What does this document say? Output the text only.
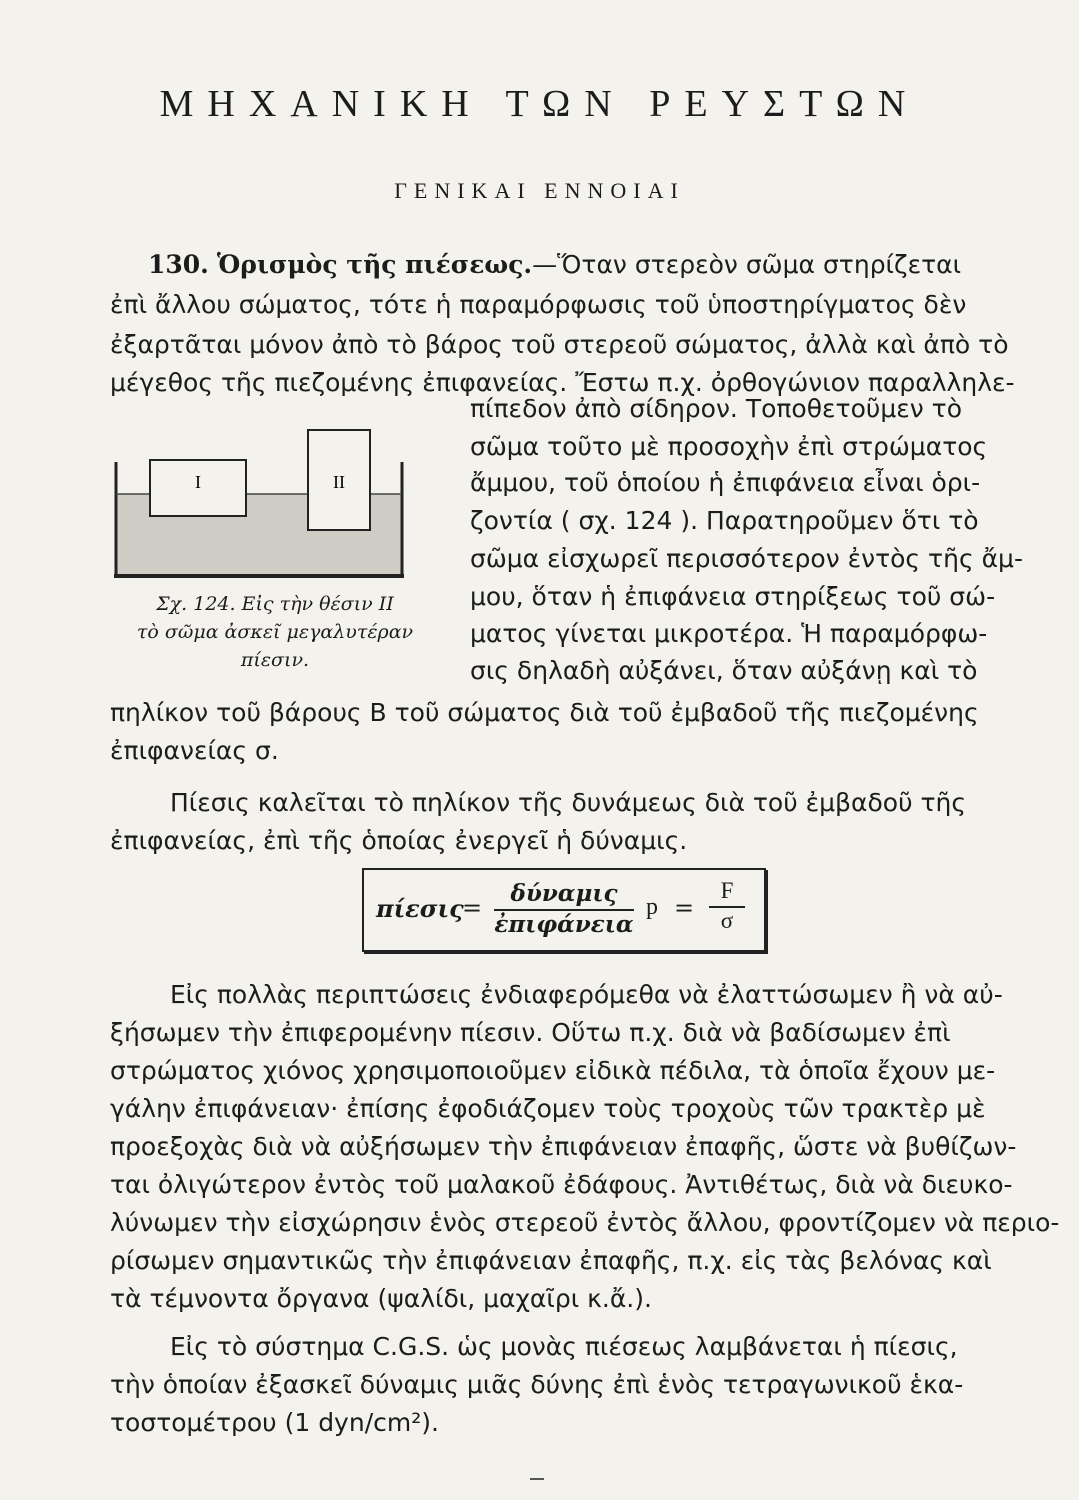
ΜΗΧΑΝΙΚΗ ΤΩΝ ΡΕΥΣΤΩΝ
ΓΕΝΙΚΑΙ ΕΝΝΟΙΑΙ
130. Ὁρισμὸς τῆς πιέσεως.—Ὅταν στερεὸν σῶμα στηρίζεται
ἐπὶ ἄλλου σώματος, τότε ἡ παραμόρφωσις τοῦ ὑποστηρίγματος δὲν
ἐξαρτᾶται μόνον ἀπὸ τὸ βάρος τοῦ στερεοῦ σώματος, ἀλλὰ καὶ ἀπὸ τὸ
μέγεθος τῆς πιεζομένης ἐπιφανείας. Ἔστω π.χ. ὀρθογώνιον παραλληλε-
πίπεδον ἀπὸ σίδηρον. Τοποθετοῦμεν τὸ
σῶμα τοῦτο μὲ προσοχὴν ἐπὶ στρώματος
ἄμμου, τοῦ ὁποίου ἡ ἐπιφάνεια εἶναι ὁρι-
ζοντία ( σχ. 124 ). Παρατηροῦμεν ὅτι τὸ
σῶμα εἰσχωρεῖ περισσότερον ἐντὸς τῆς ἄμ-
μου, ὅταν ἡ ἐπιφάνεια στηρίξεως τοῦ σώ-
ματος γίνεται μικροτέρα. Ἡ παραμόρφω-
σις δηλαδὴ αὐξάνει, ὅταν αὐξάνῃ καὶ τὸ
πηλίκον τοῦ βάρους Β τοῦ σώματος διὰ τοῦ ἐμβαδοῦ τῆς πιεζομένης
ἐπιφανείας σ.
Ι	ΙΙ
Σχ. 124. Εἰς τὴν θέσιν ΙΙ
τὸ σῶμα ἀσκεῖ μεγαλυτέραν
πίεσιν.
Πίεσις καλεῖται τὸ πηλίκον τῆς δυνάμεως διὰ τοῦ ἐμβαδοῦ τῆς
ἐπιφανείας, ἐπὶ τῆς ὁποίας ἐνεργεῖ ἡ δύναμις.
πίεσις
=
δύναμις
ἐπιφάνεια
$p = \frac{F}{\sigma}$
Εἰς πολλὰς περιπτώσεις ἐνδιαφερόμεθα νὰ ἐλαττώσωμεν ἢ νὰ αὐ-
ξήσωμεν τὴν ἐπιφερομένην πίεσιν. Οὕτω π.χ. διὰ νὰ βαδίσωμεν ἐπὶ
στρώματος χιόνος χρησιμοποιοῦμεν εἰδικὰ πέδιλα, τὰ ὁποῖα ἔχουν με-
γάλην ἐπιφάνειαν· ἐπίσης ἐφοδιάζομεν τοὺς τροχοὺς τῶν τρακτὲρ μὲ
προεξοχὰς διὰ νὰ αὐξήσωμεν τὴν ἐπιφάνειαν ἐπαφῆς, ὥστε νὰ βυθίζων-
ται ὀλιγώτερον ἐντὸς τοῦ μαλακοῦ ἐδάφους. Ἀντιθέτως, διὰ νὰ διευκο-
λύνωμεν τὴν εἰσχώρησιν ἑνὸς στερεοῦ ἐντὸς ἄλλου, φροντίζομεν νὰ περιο-
ρίσωμεν σημαντικῶς τὴν ἐπιφάνειαν ἐπαφῆς, π.χ. εἰς τὰς βελόνας καὶ
τὰ τέμνοντα ὄργανα (ψαλίδι, μαχαῖρι κ.ἄ.).
Εἰς τὸ σύστημα C.G.S. ὡς μονὰς πιέσεως λαμβάνεται ἡ πίεσις,
τὴν ὁποίαν ἐξασκεῖ δύναμις μιᾶς δύνης ἐπὶ ἑνὸς τετραγωνικοῦ ἑκα-
τοστομέτρου (1 dyn/cm²).
